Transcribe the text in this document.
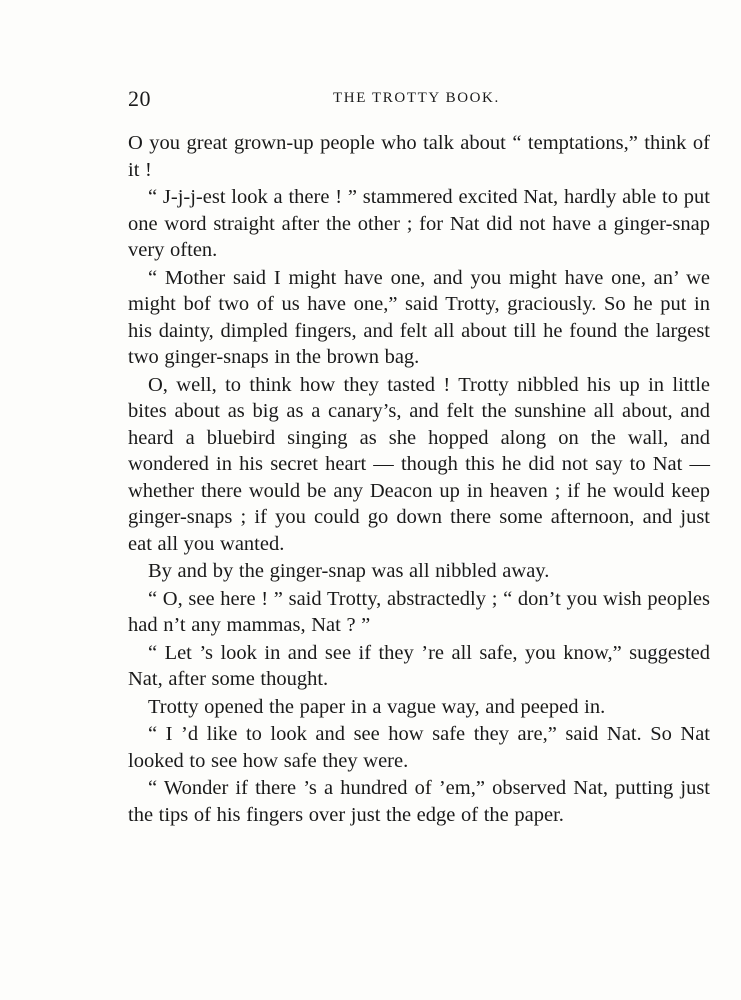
20	THE TROTTY BOOK.

O you great grown-up people who talk about “ temptations,” think of it !

“ J-j-j-est look a there ! ” stammered excited Nat, hardly able to put one word straight after the other ; for Nat did not have a ginger-snap very often.

“ Mother said I might have one, and you might have one, an’ we might bof two of us have one,” said Trotty, graciously. So he put in his dainty, dimpled fingers, and felt all about till he found the largest two ginger-snaps in the brown bag.

O, well, to think how they tasted ! Trotty nibbled his up in little bites about as big as a canary’s, and felt the sunshine all about, and heard a bluebird singing as she hopped along on the wall, and wondered in his secret heart — though this he did not say to Nat — whether there would be any Deacon up in heaven ; if he would keep ginger-snaps ; if you could go down there some afternoon, and just eat all you wanted.

By and by the ginger-snap was all nibbled away.

“ O, see here ! ” said Trotty, abstractedly ; “ don’t you wish peoples had n’t any mammas, Nat ? ”

“ Let ’s look in and see if they ’re all safe, you know,” suggested Nat, after some thought.

Trotty opened the paper in a vague way, and peeped in.

“ I ’d like to look and see how safe they are,” said Nat. So Nat looked to see how safe they were.

“ Wonder if there ’s a hundred of ’em,” observed Nat, putting just the tips of his fingers over just the edge of the paper.
